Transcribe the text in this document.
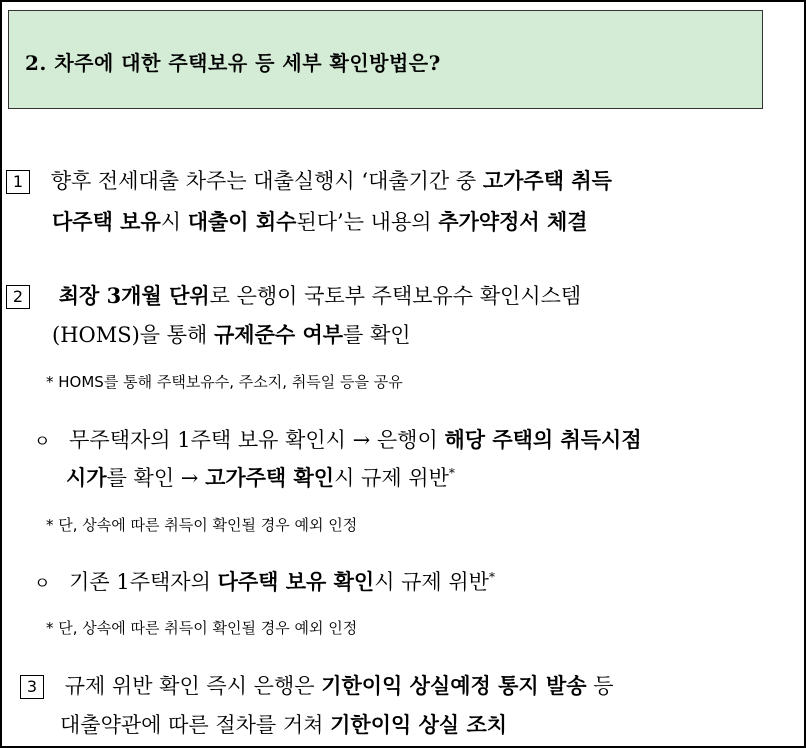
2. 차주에 대한 주택보유 등 세부 확인방법은?
1 향후 전세대출 차주는 대출실행시 ‘대출기간 중 고가주택 취득
다주택 보유시 대출이 회수된다’는 내용의 추가약정서 체결
2 최장 3개월 단위로 은행이 국토부 주택보유수 확인시스템
(HOMS)을 통해 규제준수 여부를 확인
* HOMS를 통해 주택보유수, 주소지, 취득일 등을 공유
ㅇ 무주택자의 1주택 보유 확인시 → 은행이 해당 주택의 취득시점
시가를 확인 → 고가주택 확인시 규제 위반*
* 단, 상속에 따른 취득이 확인될 경우 예외 인정
ㅇ 기존 1주택자의 다주택 보유 확인시 규제 위반*
* 단, 상속에 따른 취득이 확인될 경우 예외 인정
3 규제 위반 확인 즉시 은행은 기한이익 상실예정 통지 발송 등
대출약관에 따른 절차를 거쳐 기한이익 상실 조치
